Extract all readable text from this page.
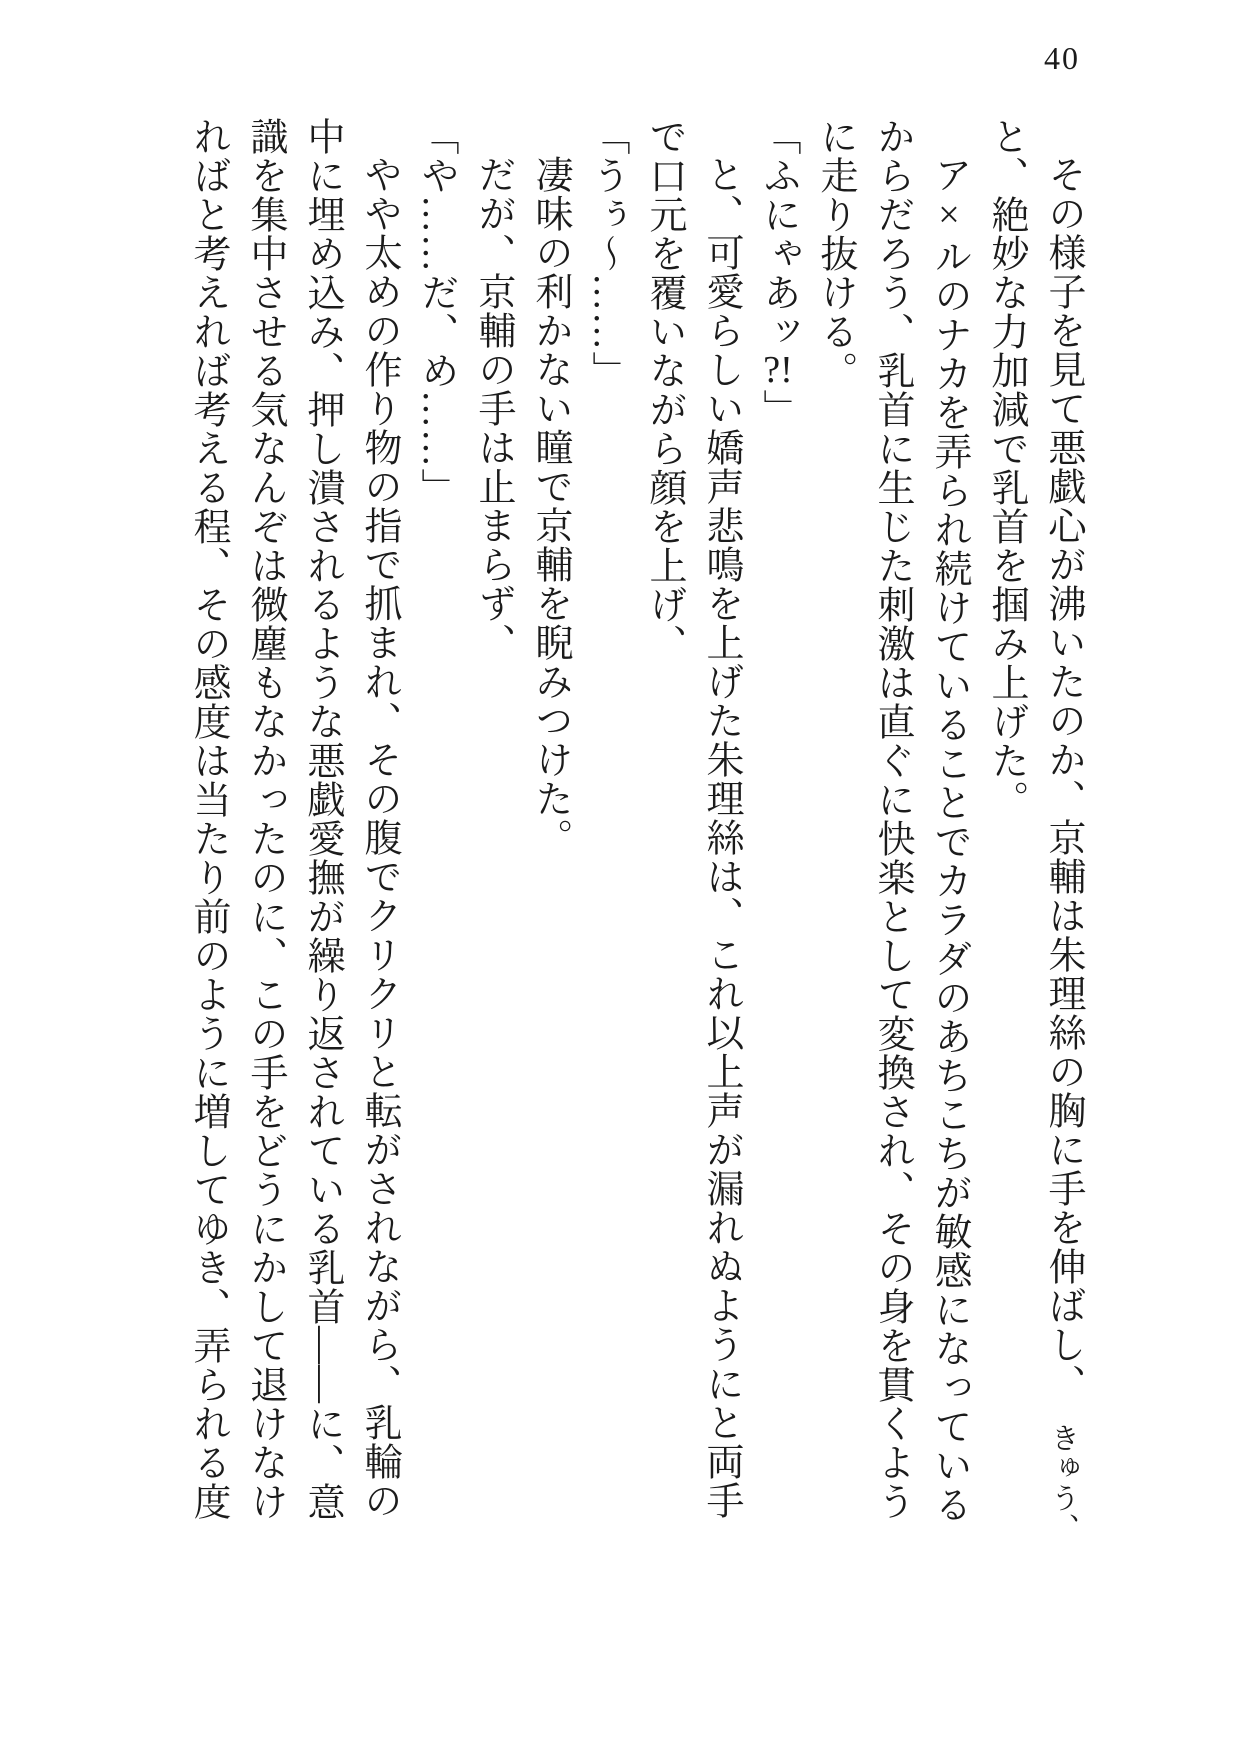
40

その様子を見て悪戯心が沸いたのか、京輔は朱理絲の胸に手を伸ばし、　きゅう、
と、絶妙な力加減で乳首を掴み上げた。

ア×ルのナカを弄られ続けていることでカラダのあちこちが敏感になっている
からだろう、乳首に生じた刺激は直ぐに快楽として変換され、その身を貫くよう
に走り抜ける。

「ふにゃあッ?!」

と、可愛らしい嬌声悲鳴を上げた朱理絲は、これ以上声が漏れぬようにと両手
で口元を覆いながら顔を上げ、

「うぅ〜……」

凄味の利かない瞳で京輔を睨みつけた。

だが、京輔の手は止まらず、

「や……だ、め……」

やや太めの作り物の指で抓まれ、その腹でクリクリと転がされながら、乳輪の
中に埋め込み、押し潰されるような悪戯愛撫が繰り返されている乳首――に、意
識を集中させる気なんぞは微塵もなかったのに、この手をどうにかして退けなけ
ればと考えれば考える程、その感度は当たり前のように増してゆき、弄られる度
